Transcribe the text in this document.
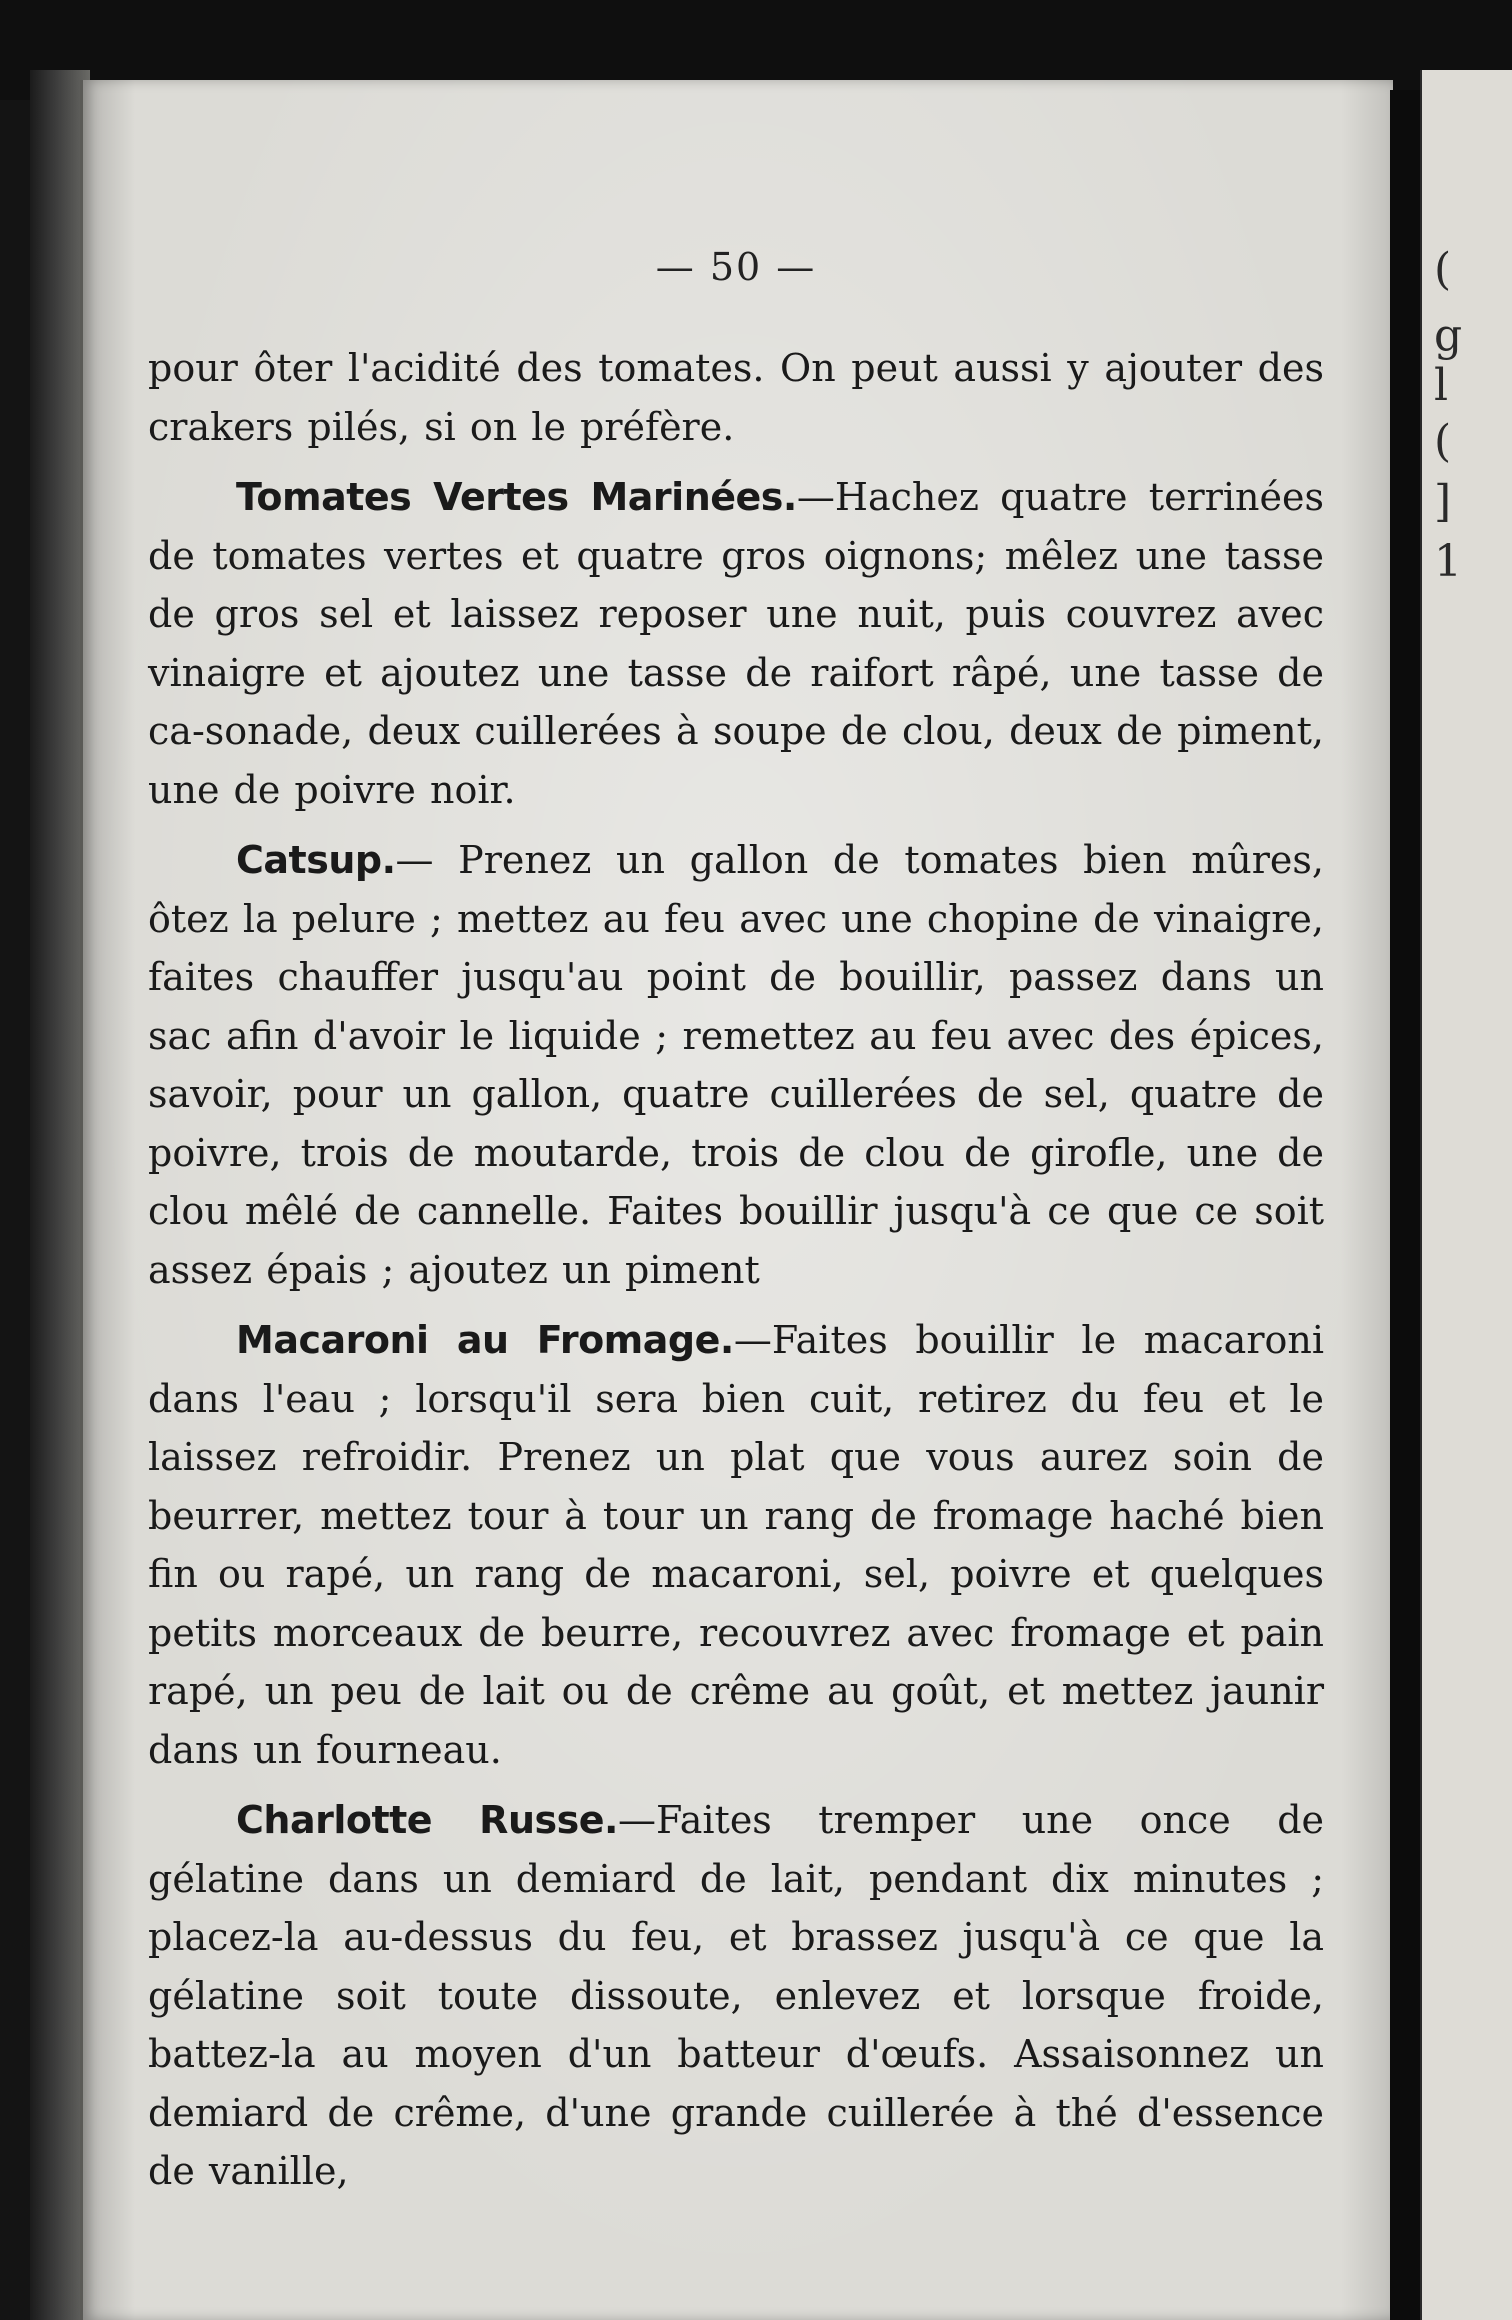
(
g
l
(
]
1
— 50 —

pour ôter l'acidité des tomates. On peut aussi y ajouter des crakers pilés, si on le préfère.

Tomates Vertes Marinées.—Hachez quatre terrinées de tomates vertes et quatre gros oignons; mêlez une tasse de gros sel et laissez reposer une nuit, puis couvrez avec vinaigre et ajoutez une tasse de raifort râpé, une tasse de ca-sonade, deux cuillerées à soupe de clou, deux de piment, une de poivre noir.

Catsup.— Prenez un gallon de tomates bien mûres, ôtez la pelure ; mettez au feu avec une chopine de vinaigre, faites chauffer jusqu'au point de bouillir, passez dans un sac afin d'avoir le liquide ; remettez au feu avec des épices, savoir, pour un gallon, quatre cuillerées de sel, quatre de poivre, trois de moutarde, trois de clou de girofle, une de clou mêlé de cannelle. Faites bouillir jusqu'à ce que ce soit assez épais ; ajoutez un piment

Macaroni au Fromage.—Faites bouillir le macaroni dans l'eau ; lorsqu'il sera bien cuit, retirez du feu et le laissez refroidir. Prenez un plat que vous aurez soin de beurrer, mettez tour à tour un rang de fromage haché bien fin ou rapé, un rang de macaroni, sel, poivre et quelques petits morceaux de beurre, recouvrez avec fromage et pain rapé, un peu de lait ou de crême au goût, et mettez jaunir dans un fourneau.

Charlotte Russe.—Faites tremper une once de gélatine dans un demiard de lait, pendant dix minutes ; placez-la au-dessus du feu, et brassez jusqu'à ce que la gélatine soit toute dissoute, enlevez et lorsque froide, battez-la au moyen d'un batteur d'œufs. Assaisonnez un demiard de crême, d'une grande cuillerée à thé d'essence de vanille,
